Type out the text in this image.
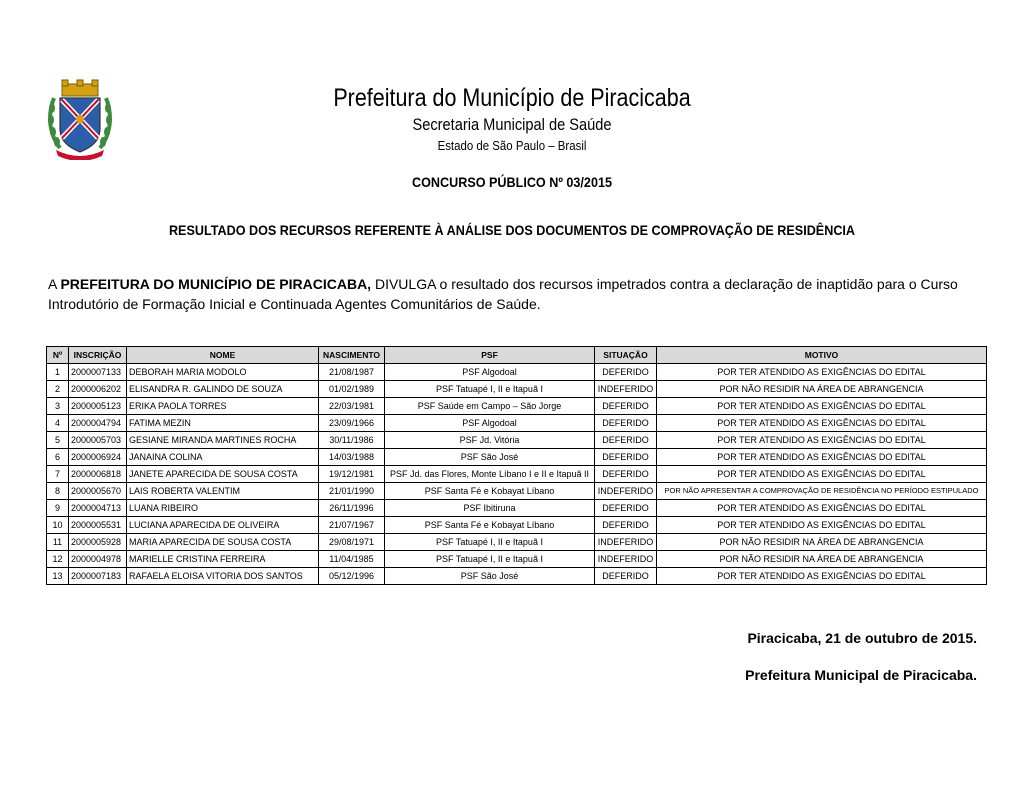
Prefeitura do Município de Piracicaba
Secretaria Municipal de Saúde
Estado de São Paulo – Brasil
CONCURSO PÚBLICO Nº 03/2015
RESULTADO DOS RECURSOS REFERENTE À ANÁLISE DOS DOCUMENTOS DE COMPROVAÇÃO DE RESIDÊNCIA
A PREFEITURA DO MUNICÍPIO DE PIRACICABA, DIVULGA o resultado dos recursos impetrados contra a declaração de inaptidão para o Curso Introdutório de Formação Inicial e Continuada Agentes Comunitários de Saúde.
Nº	INSCRIÇÃO	NOME	NASCIMENTO	PSF	SITUAÇÃO	MOTIVO
1	2000007133	DEBORAH MARIA MODOLO	21/08/1987	PSF Algodoal	DEFERIDO	POR TER ATENDIDO AS EXIGÊNCIAS DO EDITAL
2	2000006202	ELISANDRA R. GALINDO DE SOUZA	01/02/1989	PSF Tatuapé I, II e Itapuã I	INDEFERIDO	POR NÃO RESIDIR NA ÁREA DE ABRANGENCIA
3	2000005123	ERIKA PAOLA TORRES	22/03/1981	PSF Saúde em Campo – São Jorge	DEFERIDO	POR TER ATENDIDO AS EXIGÊNCIAS DO EDITAL
4	2000004794	FATIMA MEZIN	23/09/1966	PSF Algodoal	DEFERIDO	POR TER ATENDIDO AS EXIGÊNCIAS DO EDITAL
5	2000005703	GESIANE MIRANDA MARTINES ROCHA	30/11/1986	PSF Jd. Vitória	DEFERIDO	POR TER ATENDIDO AS EXIGÊNCIAS DO EDITAL
6	2000006924	JANAINA COLINA	14/03/1988	PSF São José	DEFERIDO	POR TER ATENDIDO AS EXIGÊNCIAS DO EDITAL
7	2000006818	JANETE APARECIDA DE SOUSA COSTA	19/12/1981	PSF Jd. das Flores, Monte Líbano I e II e Itapuã II	DEFERIDO	POR TER ATENDIDO AS EXIGÊNCIAS DO EDITAL
8	2000005670	LAIS ROBERTA VALENTIM	21/01/1990	PSF Santa Fé e Kobayat Líbano	INDEFERIDO	POR NÃO APRESENTAR A COMPROVAÇÃO DE RESIDÊNCIA NO PERÍODO ESTIPULADO
9	2000004713	LUANA RIBEIRO	26/11/1996	PSF Ibitiruna	DEFERIDO	POR TER ATENDIDO AS EXIGÊNCIAS DO EDITAL
10	2000005531	LUCIANA APARECIDA DE OLIVEIRA	21/07/1967	PSF Santa Fé e Kobayat Líbano	DEFERIDO	POR TER ATENDIDO AS EXIGÊNCIAS DO EDITAL
11	2000005928	MARIA APARECIDA DE SOUSA COSTA	29/08/1971	PSF Tatuapé I, II e Itapuã I	INDEFERIDO	POR NÃO RESIDIR NA ÁREA DE ABRANGENCIA
12	2000004978	MARIELLE CRISTINA FERREIRA	11/04/1985	PSF Tatuapé I, II e Itapuã I	INDEFERIDO	POR NÃO RESIDIR NA ÁREA DE ABRANGENCIA
13	2000007183	RAFAELA ELOISA VITORIA DOS SANTOS	05/12/1996	PSF São José	DEFERIDO	POR TER ATENDIDO AS EXIGÊNCIAS DO EDITAL
Piracicaba, 21 de outubro de 2015.
Prefeitura Municipal de Piracicaba.
